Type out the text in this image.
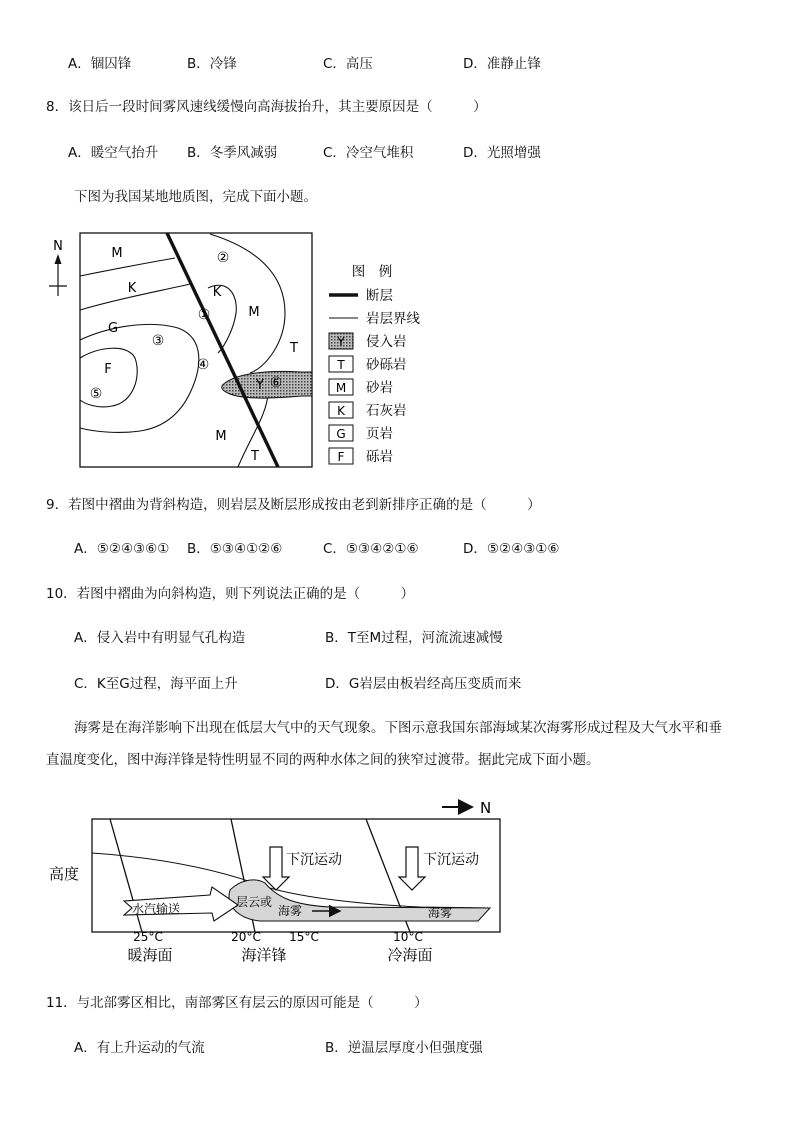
A．锢囚锋	B．冷锋	C．高压	D．准静止锋
8．该日后一段时间雾风速线缓慢向高海拔抬升，其主要原因是（　　　）
A．暖空气抬升 B．冬季风减弱	C．冷空气堆积	D．光照增强
下图为我国某地地质图，完成下面小题。
N	M
K
G
F
K
M
M
T
T
Y
②
①
③
④
⑤
⑥
图　例
断层
岩层界线
Y 侵入岩
T 砂砾岩
M 砂岩
K 石灰岩
G 页岩
F 砾岩
9．若图中褶曲为背斜构造，则岩层及断层形成按由老到新排序正确的是（　　　）
A．⑤②④③⑥① B．⑤③④①②⑥	C．⑤③④②①⑥	D．⑤②④③①⑥
10．若图中褶曲为向斜构造，则下列说法正确的是（　　　）
A．侵入岩中有明显气孔构造	B．T至M过程，河流流速减慢
C．K至G过程，海平面上升	D．G岩层由板岩经高压变质而来
海雾是在海洋影响下出现在低层大气中的天气现象。下图示意我国东部海域某次海雾形成过程及大气水平和垂
直温度变化，图中海洋锋是特性明显不同的两种水体之间的狭窄过渡带。据此完成下面小题。
N
水汽输送
下沉运动	下沉运动
层云或
海雾	海雾
高度
25°C	20°C 15°C	10°C
暖海面	海洋锋	冷海面
11．与北部雾区相比，南部雾区有层云的原因可能是（　　　）
A．有上升运动的气流	B．逆温层厚度小但强度强
